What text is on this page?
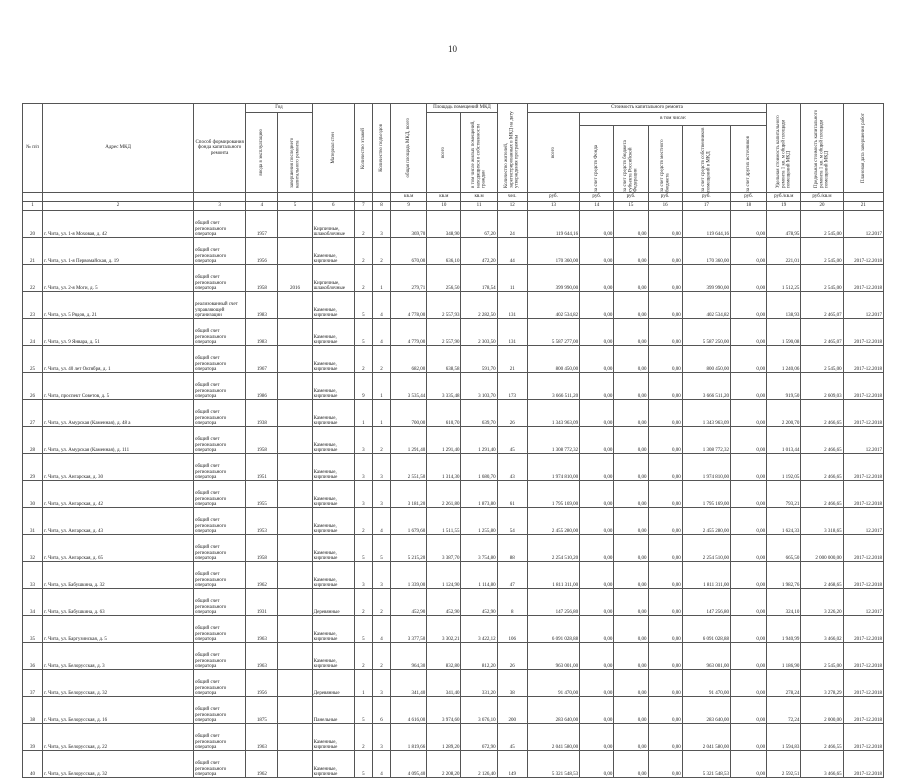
10
№ п/п	Адрес МКД	Способ формирования фонда капитального ремонта	Год		Материал стен	Количество этажей	Количество подъездов	общая площадь МКД, всего	Площадь помещений МКД		Количество жителей, зарегистрированных в МКД на дату утверждения программы	Стоимость капитального ремонта						Удельная стоимость капитального ремонта 1 кв. м общей площади помещений МКД	Предельная стоимость капитального ремонта 1 кв. м общей площади помещений МКД	Плановая дата завершения работ

			ввода в эксплуатацию	завершения последнего капитального ремонта					всего	в том числе жилых помещений, находящихся в собственности граждан		всего	в том числе:							

													за счет средств Фонда	за счет средств бюджета субъекта Российской Федерации	за счет средств местного бюджета	за счет средств собственников помещений в МКД	за счет других источников			

								кв.м	кв.м	кв.м	чел.	руб.	руб.	руб.	руб.	руб.	руб.	руб./кв.м	руб./кв.м	
1	2	3	4	5	6	7	8	9	10	11	12	13	14	15	16	17	18	19	20	21
20	г. Чита, ул. 1-я Моховая, д. 42	общий счет регионального оператора	1957		Кирпичные, шлакоблочные	2	3	369,70	348,90	67,20	24	119 644,16	0,00	0,00	0,00	119 644,16	0,00	478,95	2 545,00	12.2017
21	г. Чита, ул. 1-я Первомайская, д. 19	общий счет регионального оператора	1956		Каменные, кирпичные	2	2	670,00	636,10	472,20	44	170 360,00	0,00	0,00	0,00	170 360,00	0,00	221,01	2 545,00	2017-12.2018
22	г. Чита, ул. 2-я Моги, д. 5	общий счет регионального оператора	1958	2016	Кирпичные, шлакоблочные	2	1	279,71	256,50	178,54	11	399 990,00	0,00	0,00	0,00	399 990,00	0,00	1 512,25	2 545,00	2017-12.2018
23	г. Чита, ул. 5 Рядов, д. 21	реализованный счет управляющей организации	1983		Каменные, кирпичные	5	4	4 778,00	2 557,93	2 282,50	131	402 534,82	0,00	0,00	0,00	402 534,82	0,00	138,93	2 465,07	12.2017
24	г. Чита, ул. 9 Январа, д. 51	общий счет регионального оператора	1983		Каменные, кирпичные	5	4	4 779,00	2 557,90	2 303,50	131	5 587 277,00	0,00	0,00	0,00	5 587 250,00	0,00	1 590,08	2 465,07	2017-12.2018
25	г. Чита, ул. 40 лет Октября, д. 1	общий счет регионального оператора	1967		Каменные, кирпичные	2	2	682,00	638,58	591,70	21	800 450,00	0,00	0,00	0,00	800 450,00	0,00	1 240,06	2 545,00	2017-12.2018
26	г. Чита, проспект Советов, д. 5	общий счет регионального оператора	1986		Каменные, кирпичные	9	1	3 535,44	3 335,48	3 103,70	173	3 666 511,20	0,00	0,00	0,00	3 666 511,20	0,00	919,50	2 609,03	2017-12.2018
27	г. Чита, ул. Амурская (Каменная), д. 48 а	общий счет регионального оператора	1938		Каменные, кирпичные	1	1	700,00	610,70	639,70	26	1 343 963,09	0,00	0,00	0,00	1 343 963,09	0,00	2 200,70	2 466,65	2017-12.2018
28	г. Чита, ул. Амурская (Каменная), д. 111	общий счет регионального оператора	1958		Каменные, кирпичные	3	2	1 291,40	1 291,40	1 291,40	45	1 308 772,32	0,00	0,00	0,00	1 308 772,32	0,00	1 013,44	2 466,65	12.2017
29	г. Чита, ул. Ангарская, д. 30	общий счет регионального оператора	1951		Каменные, кирпичные	3	3	2 551,50	1 314,30	1 680,70	43	1 974 810,00	0,00	0,00	0,00	1 974 810,00	0,00	1 192,05	2 466,65	2017-12.2018
30	г. Чита, ул. Ангарская, д. 42	общий счет регионального оператора	1955		Каменные, кирпичные	3	3	3 181,20	2 261,80	1 873,80	61	1 795 169,00	0,00	0,00	0,00	1 795 169,00	0,00	793,21	2 466,65	2017-12.2018
31	г. Чита, ул. Ангарская, д. 43	общий счет регионального оператора	1953		Каменные, кирпичные	2	4	1 679,60	1 511,55	1 255,80	54	2 455 280,00	0,00	0,00	0,00	2 455 280,00	0,00	1 624,33	3 318,65	12.2017
32	г. Чита, ул. Ангарская, д. 65	общий счет регионального оператора	1958		Каменные, кирпичные	5	5	5 215,20	3 387,70	3 754,80	88	2 254 510,20	0,00	0,00	0,00	2 254 510,00	0,00	665,50	2 000 000,00	2017-12.2018
33	г. Чита, ул. Бабушкина, д. 32	общий счет регионального оператора	1962		Каменные, кирпичные	3	3	1 339,00	1 124,90	1 114,80	47	1 811 311,00	0,00	0,00	0,00	1 811 311,00	0,00	1 982,76	2 468,65	2017-12.2018
34	г. Чита, ул. Бабушкина, д. 63	общий счет регионального оператора	1931		Деревянные	2	2	452,90	452,90	452,90	8	147 256,80	0,00	0,00	0,00	147 256,80	0,00	324,10	3 226,20	12.2017
35	г. Чита, ул. Баргузинская, д. 5	общий счет регионального оператора	1963		Каменные, кирпичные	5	4	3 377,50	3 302,21	3 422,12	106	6 091 028,88	0,00	0,00	0,00	6 091 028,88	0,00	1 940,99	3 466,02	2017-12.2018
36	г. Чита, ул. Белорусская, д. 3	общий счет регионального оператора	1963		Каменные, кирпичные	2	2	964,30	832,80	812,20	26	963 001,00	0,00	0,00	0,00	963 001,00	0,00	1 186,90	2 545,00	2017-12.2018
37	г. Чита, ул. Белорусская, д. 32	общий счет регионального оператора	1956		Деревянные	1	3	341,40	341,40	331,20	38	91 470,00	0,00	0,00	0,00	91 470,00	0,00	278,24	3 278,29	2017-12.2018
38	г. Чита, ул. Белорусская, д. 16	общий счет регионального оператора	1875		Панельные	5	6	4 616,00	3 974,60	3 676,10	200	283 640,00	0,00	0,00	0,00	283 640,00	0,00	72,24	2 000,00	2017-12.2018
39	г. Чита, ул. Белорусская, д. 22	общий счет регионального оператора	1963		Каменные, кирпичные	2	3	1 819,66	1 289,20	672,90	45	2 041 580,00	0,00	0,00	0,00	2 041 580,00	0,00	1 594,83	2 466,55	2017-12.2018
40	г. Чита, ул. Белорусская, д. 32	общий счет регионального оператора	1962		Каменные, кирпичные	5	4	4 095,40	2 208,20	2 126,40	149	5 321 548,53	0,00	0,00	0,00	5 321 548,53	0,00	2 592,51	3 466,65	2017-12.2018
